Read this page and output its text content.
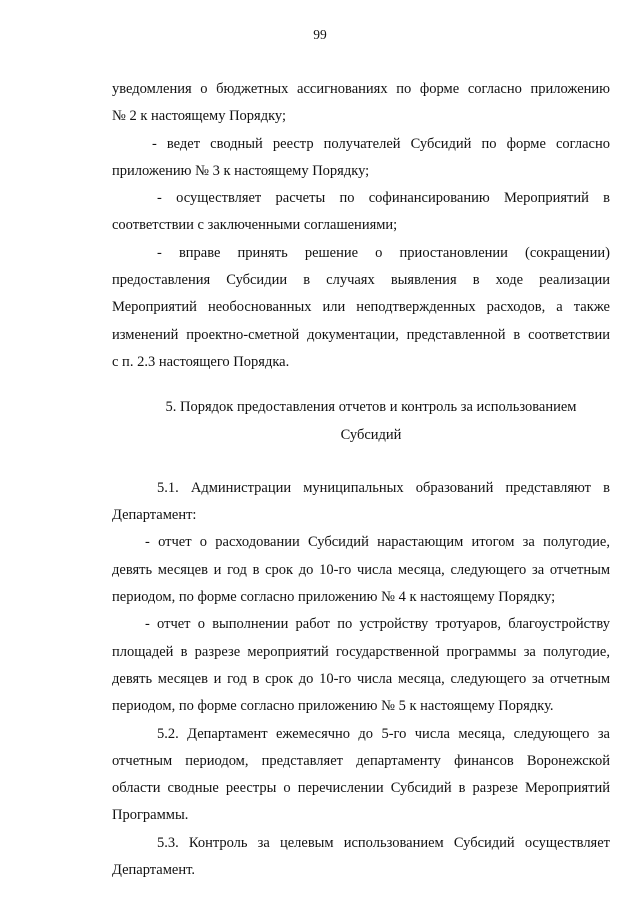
99
уведомления о бюджетных ассигнованиях по форме согласно приложению
№ 2 к настоящему Порядку;
- ведет сводный реестр получателей Субсидий по форме согласно
приложению № 3 к настоящему Порядку;
- осуществляет расчеты по софинансированию Мероприятий в
соответствии с заключенными соглашениями;
- вправе принять решение о приостановлении (сокращении)
предоставления Субсидии в случаях выявления в ходе реализации
Мероприятий необоснованных или неподтвержденных расходов, а также
изменений проектно-сметной документации, представленной в соответствии
с п. 2.3 настоящего Порядка.
5. Порядок предоставления отчетов и контроль за использованием
Субсидий
5.1. Администрации муниципальных образований представляют в
Департамент:
- отчет о расходовании Субсидий нарастающим итогом за полугодие,
девять месяцев и год в срок до 10-го числа месяца, следующего за отчетным
периодом, по форме согласно приложению № 4 к настоящему Порядку;
- отчет о выполнении работ по устройству тротуаров, благоустройству
площадей в разрезе мероприятий государственной программы за полугодие,
девять месяцев и год в срок до 10-го числа месяца, следующего за отчетным
периодом, по форме согласно приложению № 5 к настоящему Порядку.
5.2. Департамент ежемесячно до 5-го числа месяца, следующего за
отчетным периодом, представляет департаменту финансов Воронежской
области сводные реестры о перечислении Субсидий в разрезе Мероприятий
Программы.
5.3. Контроль за целевым использованием Субсидий осуществляет
Департамент.
